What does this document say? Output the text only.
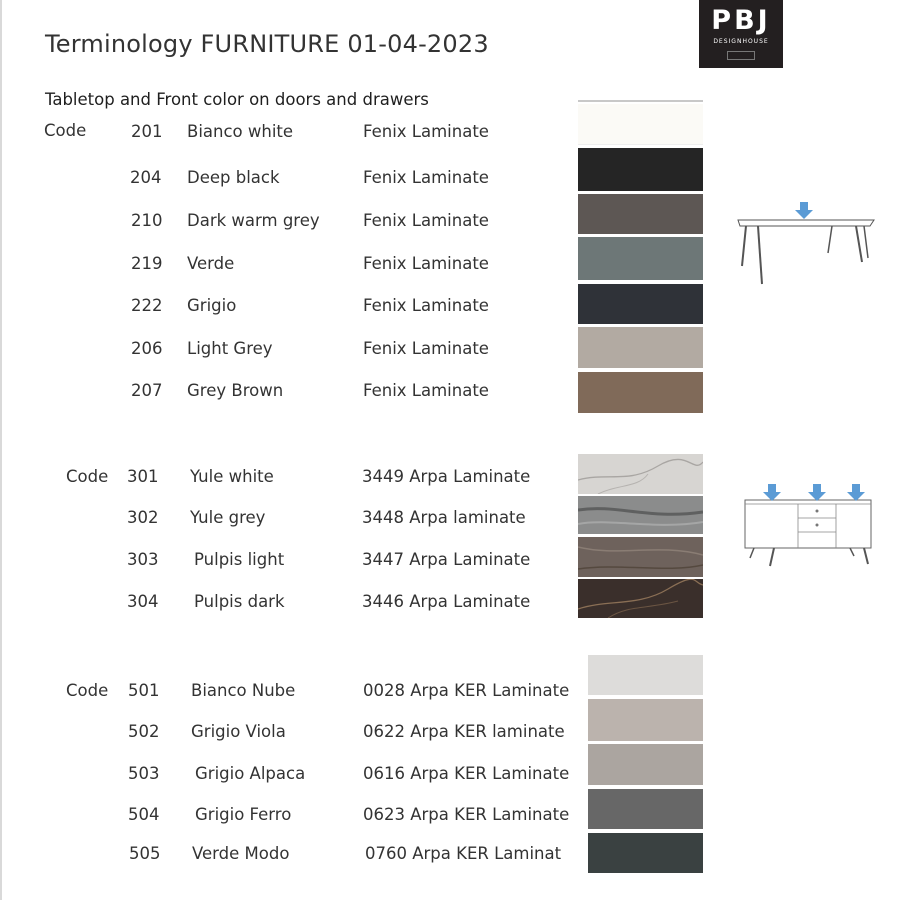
Terminology FURNITURE 01-04-2023
PBJ
DESIGNHOUSE
Tabletop and Front color on doors and drawers
Code	201 Bianco white	Fenix Laminate
204 Deep black	Fenix Laminate
210 Dark warm grey	Fenix Laminate
219 Verde	Fenix Laminate
222 Grigio	Fenix Laminate
206 Light Grey	Fenix Laminate
207 Grey Brown	Fenix Laminate
Code 301 Yule white	3449 Arpa Laminate
302 Yule grey	3448 Arpa laminate
303 Pulpis light	3447 Arpa Laminate
304 Pulpis dark	3446 Arpa Laminate
Code 501 Bianco Nube	0028 Arpa KER Laminate
502 Grigio Viola	0622 Arpa KER laminate
503 Grigio Alpaca	0616 Arpa KER Laminate
504 Grigio Ferro	0623 Arpa KER Laminate
505 Verde Modo	0760 Arpa KER Laminat
